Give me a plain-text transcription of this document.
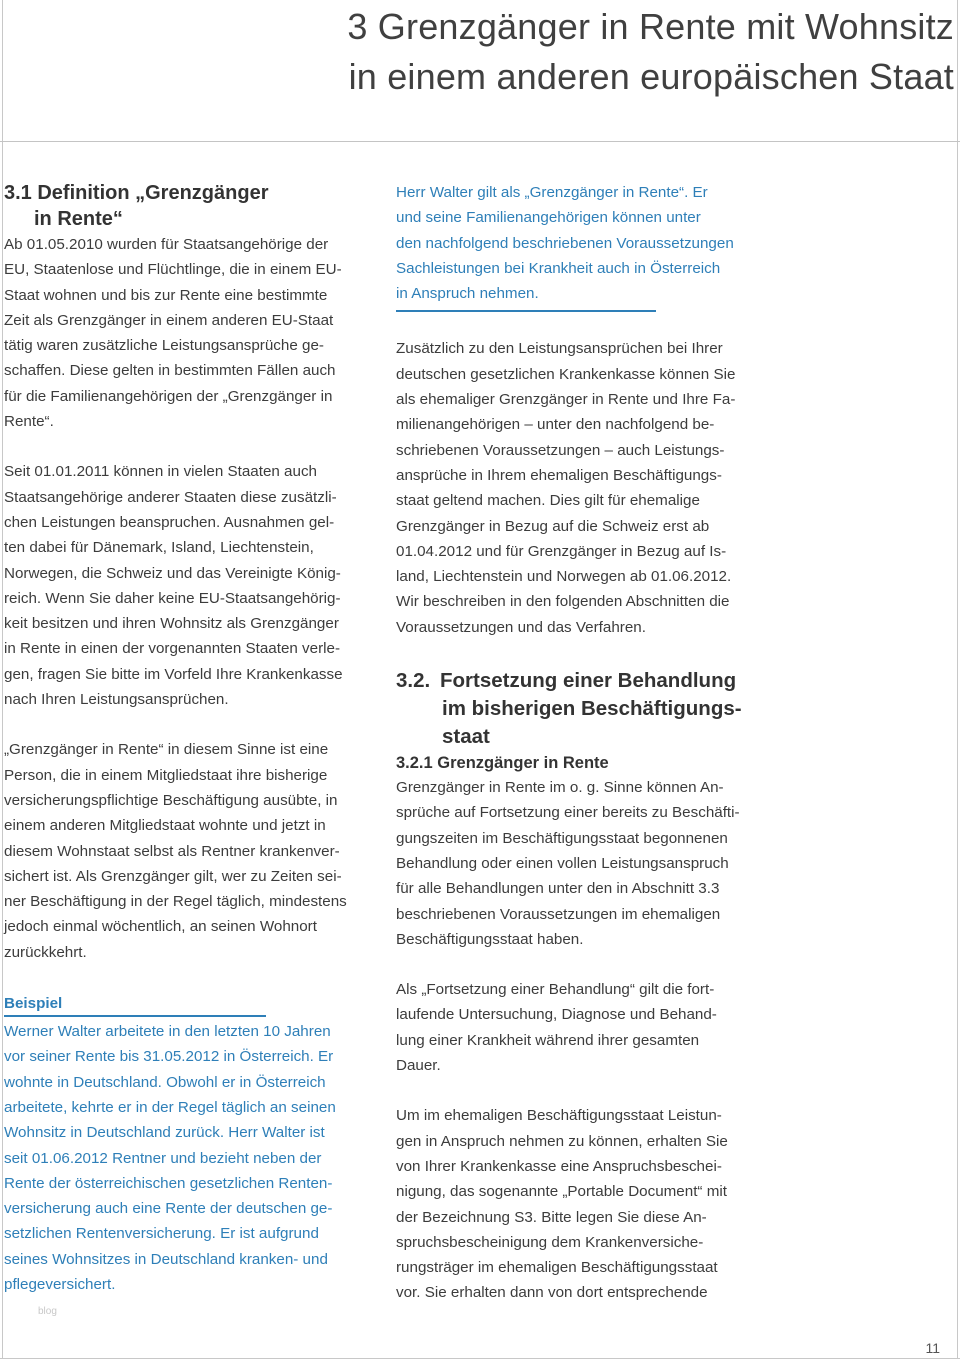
3 Grenzgänger in Rente mit Wohnsitz
in einem anderen europäischen Staat
3.1 Definition „Grenzgänger
in Rente“
Ab 01.05.2010 wurden für Staatsangehörige der
EU, Staatenlose und Flüchtlinge, die in einem EU-
Staat wohnen und bis zur Rente eine bestimmte
Zeit als Grenzgänger in einem anderen EU-Staat
tätig waren zusätzliche Leistungsansprüche ge-
schaffen. Diese gelten in bestimmten Fällen auch
für die Familienangehörigen der „Grenzgänger in
Rente“.
Seit 01.01.2011 können in vielen Staaten auch
Staatsangehörige anderer Staaten diese zusätzli-
chen Leistungen beanspruchen. Ausnahmen gel-
ten dabei für Dänemark, Island, Liechtenstein,
Norwegen, die Schweiz und das Vereinigte König-
reich. Wenn Sie daher keine EU-Staatsangehörig-
keit besitzen und ihren Wohnsitz als Grenzgänger
in Rente in einen der vorgenannten Staaten verle-
gen, fragen Sie bitte im Vorfeld Ihre Krankenkasse
nach Ihren Leistungsansprüchen.
„Grenzgänger in Rente“ in diesem Sinne ist eine
Person, die in einem Mitgliedstaat ihre bisherige
versicherungspflichtige Beschäftigung ausübte, in
einem anderen Mitgliedstaat wohnte und jetzt in
diesem Wohnstaat selbst als Rentner krankenver-
sichert ist. Als Grenzgänger gilt, wer zu Zeiten sei-
ner Beschäftigung in der Regel täglich, mindestens
jedoch einmal wöchentlich, an seinen Wohnort
zurückkehrt.
Beispiel
Werner Walter arbeitete in den letzten 10 Jahren
vor seiner Rente bis 31.05.2012 in Österreich. Er
wohnte in Deutschland. Obwohl er in Österreich
arbeitete, kehrte er in der Regel täglich an seinen
Wohnsitz in Deutschland zurück. Herr Walter ist
seit 01.06.2012 Rentner und bezieht neben der
Rente der österreichischen gesetzlichen Renten-
versicherung auch eine Rente der deutschen ge-
setzlichen Rentenversicherung. Er ist aufgrund
seines Wohnsitzes in Deutschland kranken- und
pflegeversichert.
Herr Walter gilt als „Grenzgänger in Rente“. Er
und seine Familienangehörigen können unter
den nachfolgend beschriebenen Voraussetzungen
Sachleistungen bei Krankheit auch in Österreich
in Anspruch nehmen.
Zusätzlich zu den Leistungsansprüchen bei Ihrer
deutschen gesetzlichen Krankenkasse können Sie
als ehemaliger Grenzgänger in Rente und Ihre Fa-
milienangehörigen – unter den nachfolgend be-
schriebenen Voraussetzungen – auch Leistungs-
ansprüche in Ihrem ehemaligen Beschäftigungs-
staat geltend machen. Dies gilt für ehemalige
Grenzgänger in Bezug auf die Schweiz erst ab
01.04.2012 und für Grenzgänger in Bezug auf Is-
land, Liechtenstein und Norwegen ab 01.06.2012.
Wir beschreiben in den folgenden Abschnitten die
Voraussetzungen und das Verfahren.
3.2. Fortsetzung einer Behandlung
im bisherigen Beschäftigungs-
staat
3.2.1 Grenzgänger in Rente
Grenzgänger in Rente im o. g. Sinne können An-
sprüche auf Fortsetzung einer bereits zu Beschäfti-
gungszeiten im Beschäftigungsstaat begonnenen
Behandlung oder einen vollen Leistungsanspruch
für alle Behandlungen unter den in Abschnitt 3.3
beschriebenen Voraussetzungen im ehemaligen
Beschäftigungsstaat haben.
Als „Fortsetzung einer Behandlung“ gilt die fort-
laufende Untersuchung, Diagnose und Behand-
lung einer Krankheit während ihrer gesamten
Dauer.
Um im ehemaligen Beschäftigungsstaat Leistun-
gen in Anspruch nehmen zu können, erhalten Sie
von Ihrer Krankenkasse eine Anspruchsbeschei-
nigung, das sogenannte „Portable Document“ mit
der Bezeichnung S3. Bitte legen Sie diese An-
spruchsbescheinigung dem Krankenversiche-
rungsträger im ehemaligen Beschäftigungsstaat
vor. Sie erhalten dann von dort entsprechende
blog
11
